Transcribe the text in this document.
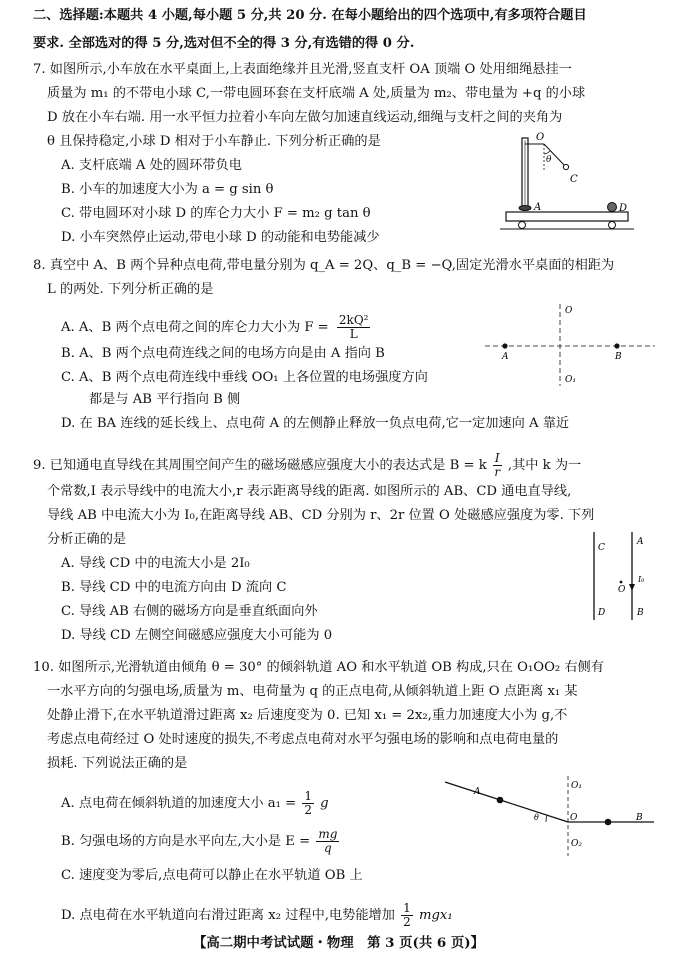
二、选择题:本题共 4 小题,每小题 5 分,共 20 分. 在每小题给出的四个选项中,有多项符合题目
要求. 全部选对的得 5 分,选对但不全的得 3 分,有选错的得 0 分.
7. 如图所示,小车放在水平桌面上,上表面绝缘并且光滑,竖直支杆 OA 顶端 O 处用细绳悬挂一
质量为 m₁ 的不带电小球 C,一带电圆环套在支杆底端 A 处,质量为 m₂、带电量为 +q 的小球
D 放在小车右端. 用一水平恒力拉着小车向左做匀加速直线运动,细绳与支杆之间的夹角为
θ 且保持稳定,小球 D 相对于小车静止. 下列分析正确的是
A. 支杆底端 A 处的圆环带负电
B. 小车的加速度大小为 a = g sin θ
C. 带电圆环对小球 D 的库仑力大小 F = m₂ g tan θ
D. 小车突然停止运动,带电小球 D 的动能和电势能减少
O
θ
C
A	D
8. 真空中 A、B 两个异种点电荷,带电量分别为 q_A = 2Q、q_B = −Q,固定光滑水平桌面的相距为
L 的两处. 下列分析正确的是
A. A、B 两个点电荷之间的库仑力大小为 $F = \frac{\text{2kQ²}}{L}$
B. A、B 两个点电荷连线之间的电场方向是由 A 指向 B
C. A、B 两个点电荷连线中垂线 OO₁ 上各位置的电场强度方向
都是与 AB 平行指向 B 侧
D. 在 BA 连线的延长线上、点电荷 A 的左侧静止释放一负点电荷,它一定加速向 A 靠近
O
O₁
A	B
9. 已知通电直导线在其周围空间产生的磁场磁感应强度大小的表达式是 B = k $\frac{I}{r}$ ,其中 k 为一
个常数,I 表示导线中的电流大小,r 表示距离导线的距离. 如图所示的 AB、CD 通电直导线,
导线 AB 中电流大小为 I₀,在距离导线 AB、CD 分别为 r、2r 位置 O 处磁感应强度为零. 下列
分析正确的是
A. 导线 CD 中的电流大小是 2I₀
B. 导线 CD 中的电流方向由 D 流向 C
C. 导线 AB 右侧的磁场方向是垂直纸面向外
D. 导线 CD 左侧空间磁感应强度大小可能为 0
C
D
A
B
O
I₀
10. 如图所示,光滑轨道由倾角 θ = 30° 的倾斜轨道 AO 和水平轨道 OB 构成,只在 O₁OO₂ 右侧有
一水平方向的匀强电场,质量为 m、电荷量为 q 的正点电荷,从倾斜轨道上距 O 点距离 x₁ 某
处静止滑下,在水平轨道滑过距离 x₂ 后速度变为 0. 已知 x₁ = 2x₂,重力加速度大小为 g,不
考虑点电荷经过 O 处时速度的损失,不考虑点电荷对水平匀强电场的影响和点电荷电量的
损耗. 下列说法正确的是
A. 点电荷在倾斜轨道的加速度大小 $a_1 = \frac{1}{2}$ g
B. 匀强电场的方向是水平向左,大小是 $E = \frac{mg}{q}$
C. 速度变为零后,点电荷可以静止在水平轨道 OB 上
D. 点电荷在水平轨道向右滑过距离 x₂ 过程中,电势能增加 $\frac{1}{2} mgx_1$
A
O₁
θ	O	B
O₂
【高二期中考试试题・物理　第 3 页(共 6 页)】
